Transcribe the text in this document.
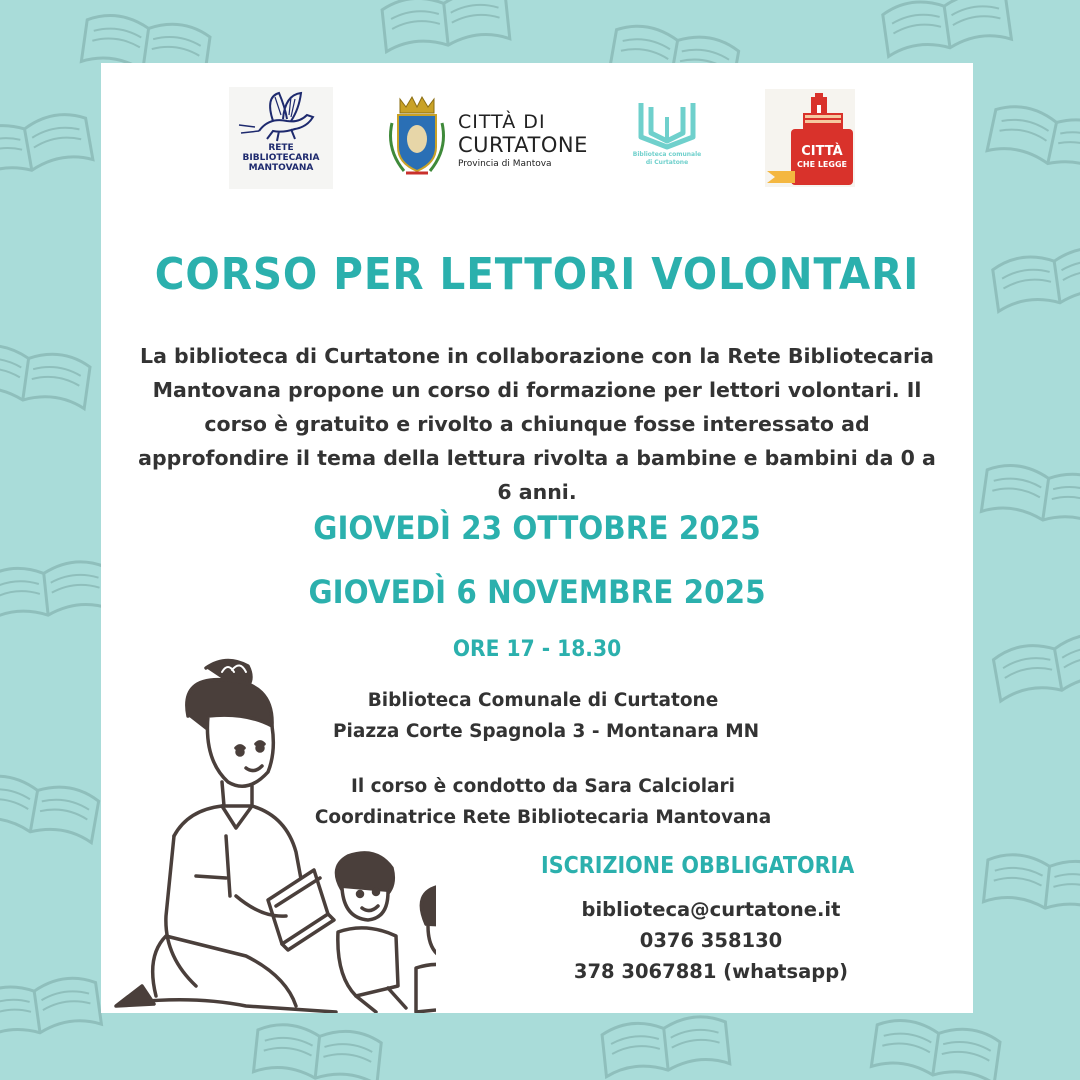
RETE
BIBLIOTECARIA
MANTOVANA
CITTÀ DI
CURTATONE
Provincia di Mantova
Biblioteca comunale
di Curtatone
CITTÀ
CHE LEGGE
CORSO PER LETTORI VOLONTARI
La biblioteca di Curtatone in collaborazione con la Rete Bibliotecaria Mantovana propone un corso di formazione per lettori volontari. Il corso è gratuito e rivolto a chiunque fosse interessato ad approfondire il tema della lettura rivolta a bambine e bambini da 0 a 6 anni.
GIOVEDÌ 23 OTTOBRE 2025
GIOVEDÌ 6 NOVEMBRE 2025
ORE 17 - 18.30
Biblioteca Comunale di Curtatone
Piazza Corte Spagnola 3 - Montanara MN
Il corso è condotto da Sara Calciolari
Coordinatrice Rete Bibliotecaria Mantovana
ISCRIZIONE OBBLIGATORIA
biblioteca@curtatone.it
0376 358130
378 3067881 (whatsapp)
